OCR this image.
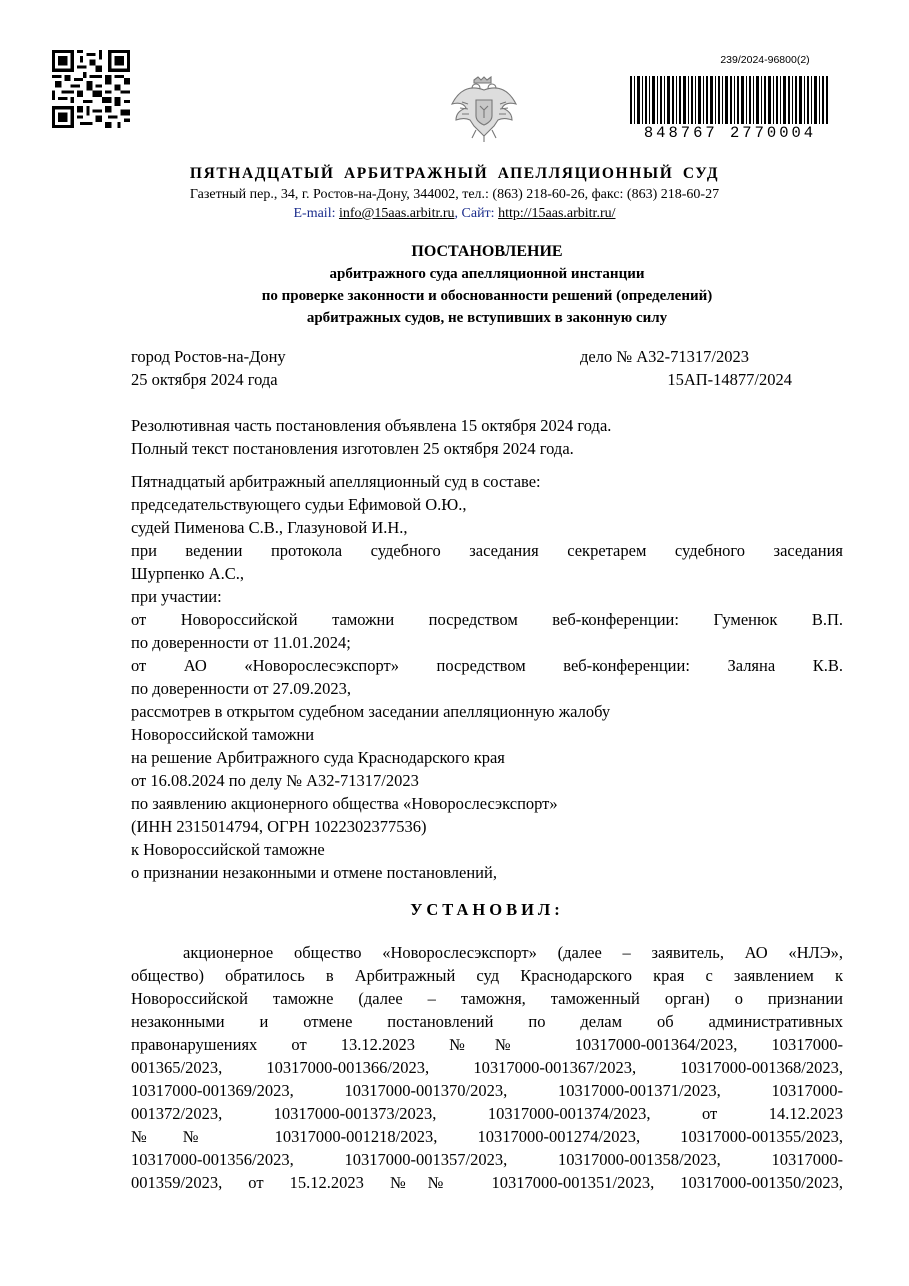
239/2024-96800(2)
848767 2770004
ПЯТНАДЦАТЫЙ АРБИТРАЖНЫЙ АПЕЛЛЯЦИОННЫЙ СУД
Газетный пер., 34, г. Ростов-на-Дону, 344002, тел.: (863) 218-60-26, факс: (863) 218-60-27
E-mail: info@15aas.arbitr.ru, Сайт: http://15aas.arbitr.ru/
ПОСТАНОВЛЕНИЕ
арбитражного суда апелляционной инстанции
по проверке законности и обоснованности решений (определений)
арбитражных судов, не вступивших в законную силу
город Ростов-на-Дону
25 октября 2024 года
дело № А32-71317/2023
15АП-14877/2024
Резолютивная часть постановления объявлена 15 октября 2024 года.
Полный текст постановления изготовлен 25 октября 2024 года.
Пятнадцатый арбитражный апелляционный суд в составе:
председательствующего судьи Ефимовой О.Ю.,
судей Пименова С.В., Глазуновой И.Н.,
при ведении протокола судебного заседания секретарем судебного заседания
Шурпенко А.С.,
при участии:
от Новороссийской таможни посредством веб-конференции: Гуменюк В.П.
по доверенности от 11.01.2024;
от АО «Новорослесэкспорт» посредством веб-конференции: Заляна К.В.
по доверенности от 27.09.2023,
рассмотрев в открытом судебном заседании апелляционную жалобу
Новороссийской таможни
на решение Арбитражного суда Краснодарского края
от 16.08.2024 по делу № А32-71317/2023
по заявлению акционерного общества «Новорослесэкспорт»
(ИНН 2315014794, ОГРН 1022302377536)
к Новороссийской таможне
о признании незаконными и отмене постановлений,
УСТАНОВИЛ:
акционерное общество «Новорослесэкспорт» (далее – заявитель, АО «НЛЭ»,
общество) обратилось в Арбитражный суд Краснодарского края с заявлением к
Новороссийской таможне (далее – таможня, таможенный орган) о признании
незаконными и отмене постановлений по делам об административных
правонарушениях от 13.12.2023 №№ 10317000-001364/2023, 10317000-
001365/2023, 10317000-001366/2023, 10317000-001367/2023, 10317000-001368/2023,
10317000-001369/2023, 10317000-001370/2023, 10317000-001371/2023, 10317000-
001372/2023, 10317000-001373/2023, 10317000-001374/2023, от 14.12.2023
№№ 10317000-001218/2023, 10317000-001274/2023, 10317000-001355/2023,
10317000-001356/2023, 10317000-001357/2023, 10317000-001358/2023, 10317000-
001359/2023, от 15.12.2023 №№ 10317000-001351/2023, 10317000-001350/2023,
